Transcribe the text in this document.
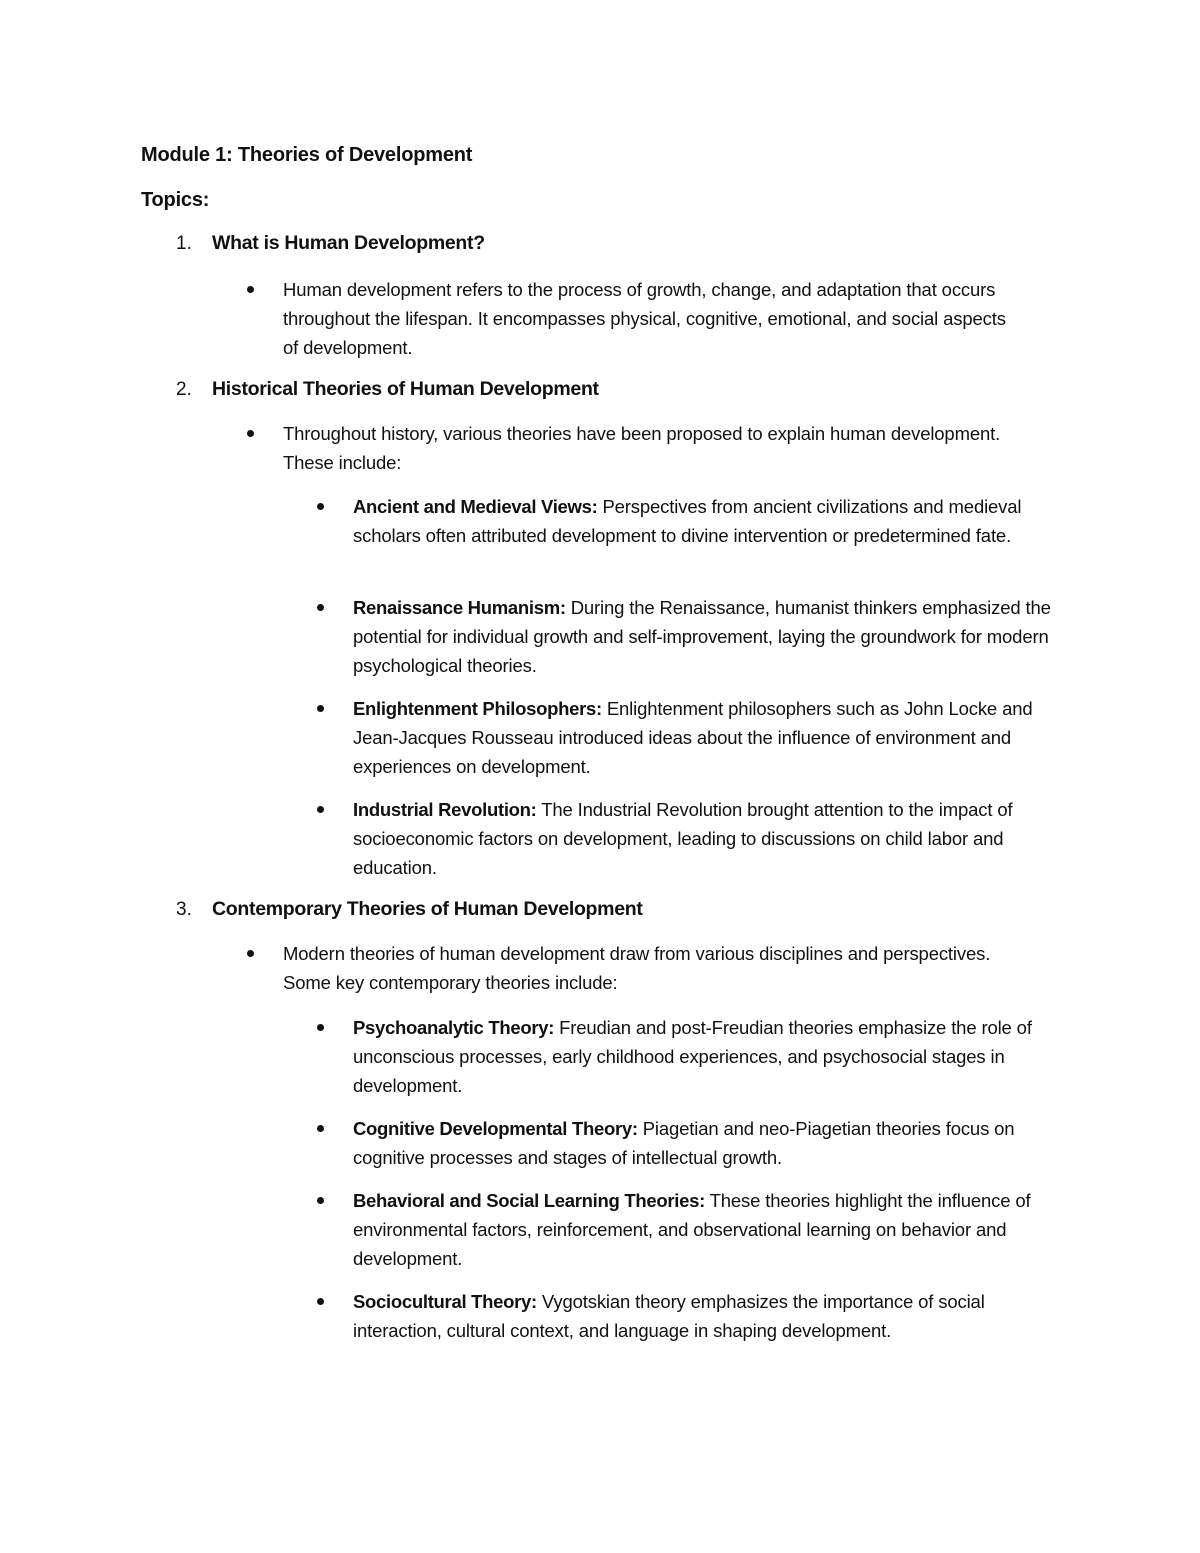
Module 1: Theories of Development

Topics:

1. What is Human Development?

Human development refers to the process of growth, change, and adaptation that occurs throughout the lifespan. It encompasses physical, cognitive, emotional, and social aspects of development.

2. Historical Theories of Human Development

Throughout history, various theories have been proposed to explain human development. These include:

Ancient and Medieval Views: Perspectives from ancient civilizations and medieval scholars often attributed development to divine intervention or predetermined fate.

Renaissance Humanism: During the Renaissance, humanist thinkers emphasized the potential for individual growth and self-improvement, laying the groundwork for modern psychological theories.

Enlightenment Philosophers: Enlightenment philosophers such as John Locke and Jean-Jacques Rousseau introduced ideas about the influence of environment and experiences on development.

Industrial Revolution: The Industrial Revolution brought attention to the impact of socioeconomic factors on development, leading to discussions on child labor and education.

3. Contemporary Theories of Human Development

Modern theories of human development draw from various disciplines and perspectives. Some key contemporary theories include:

Psychoanalytic Theory: Freudian and post-Freudian theories emphasize the role of unconscious processes, early childhood experiences, and psychosocial stages in development.

Cognitive Developmental Theory: Piagetian and neo-Piagetian theories focus on cognitive processes and stages of intellectual growth.

Behavioral and Social Learning Theories: These theories highlight the influence of environmental factors, reinforcement, and observational learning on behavior and development.

Sociocultural Theory: Vygotskian theory emphasizes the importance of social interaction, cultural context, and language in shaping development.
